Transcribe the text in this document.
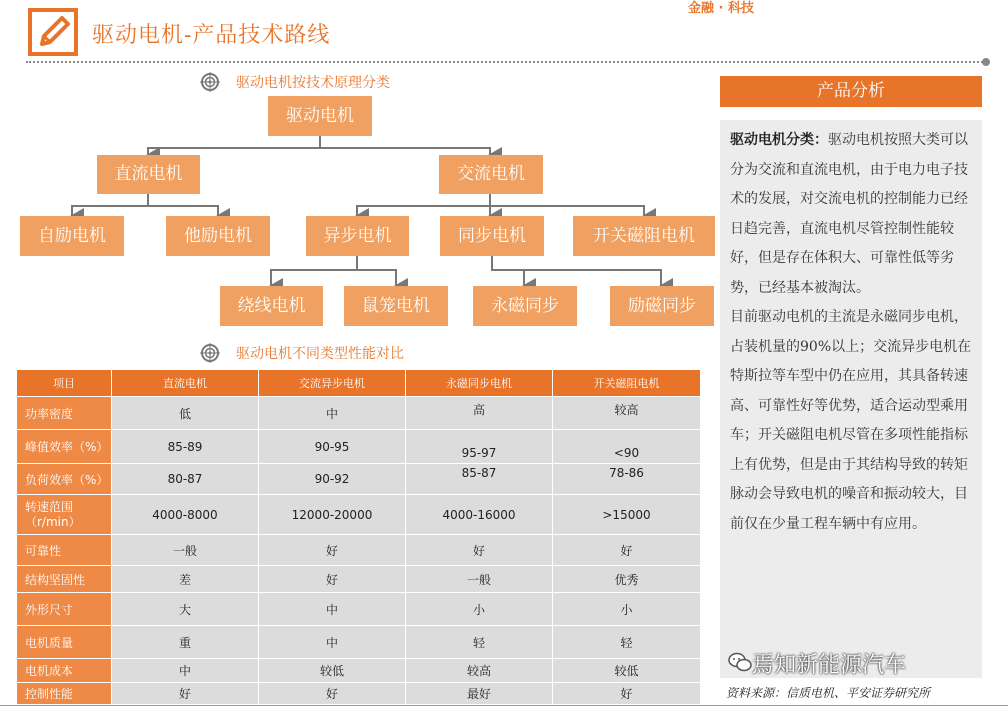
驱动电机-产品技术路线
金融 · 科技
驱动电机按技术原理分类
驱动电机
直流电机	交流电机
自励电机	他励电机	异步电机	同步电机	开关磁阻电机
绕线电机	鼠笼电机	永磁同步	励磁同步
驱动电机不同类型性能对比
项目	直流电机	交流异步电机	永磁同步电机	开关磁阻电机
功率密度	低	中	高	较高
峰值效率（%）	85-89	90-95	95-97	<90
负荷效率（%）	80-87	90-92	85-87	78-86
转速范围（r/min）	4000-8000	12000-20000	4000-16000	>15000
可靠性	一般	好	好	好
结构坚固性	差	好	一般	优秀
外形尺寸	大	中	小	小
电机质量	重	中	轻	轻
电机成本	中	较低	较高	较低
控制性能	好	好	最好	好
产品分析

驱动电机分类：驱动电机按照大类可以分为交流和直流电机，由于电力电子技术的发展，对交流电机的控制能力已经日趋完善，直流电机尽管控制性能较好，但是存在体积大、可靠性低等劣势，已经基本被淘汰。

目前驱动电机的主流是永磁同步电机，占装机量的90%以上；交流异步电机在特斯拉等车型中仍在应用，其具备转速高、可靠性好等优势，适合运动型乘用车；开关磁阻电机尽管在多项性能指标上有优势，但是由于其结构导致的转矩脉动会导致电机的噪音和振动较大，目前仅在少量工程车辆中有应用。

焉知新能源汽车
资料来源：信质电机、平安证券研究所
